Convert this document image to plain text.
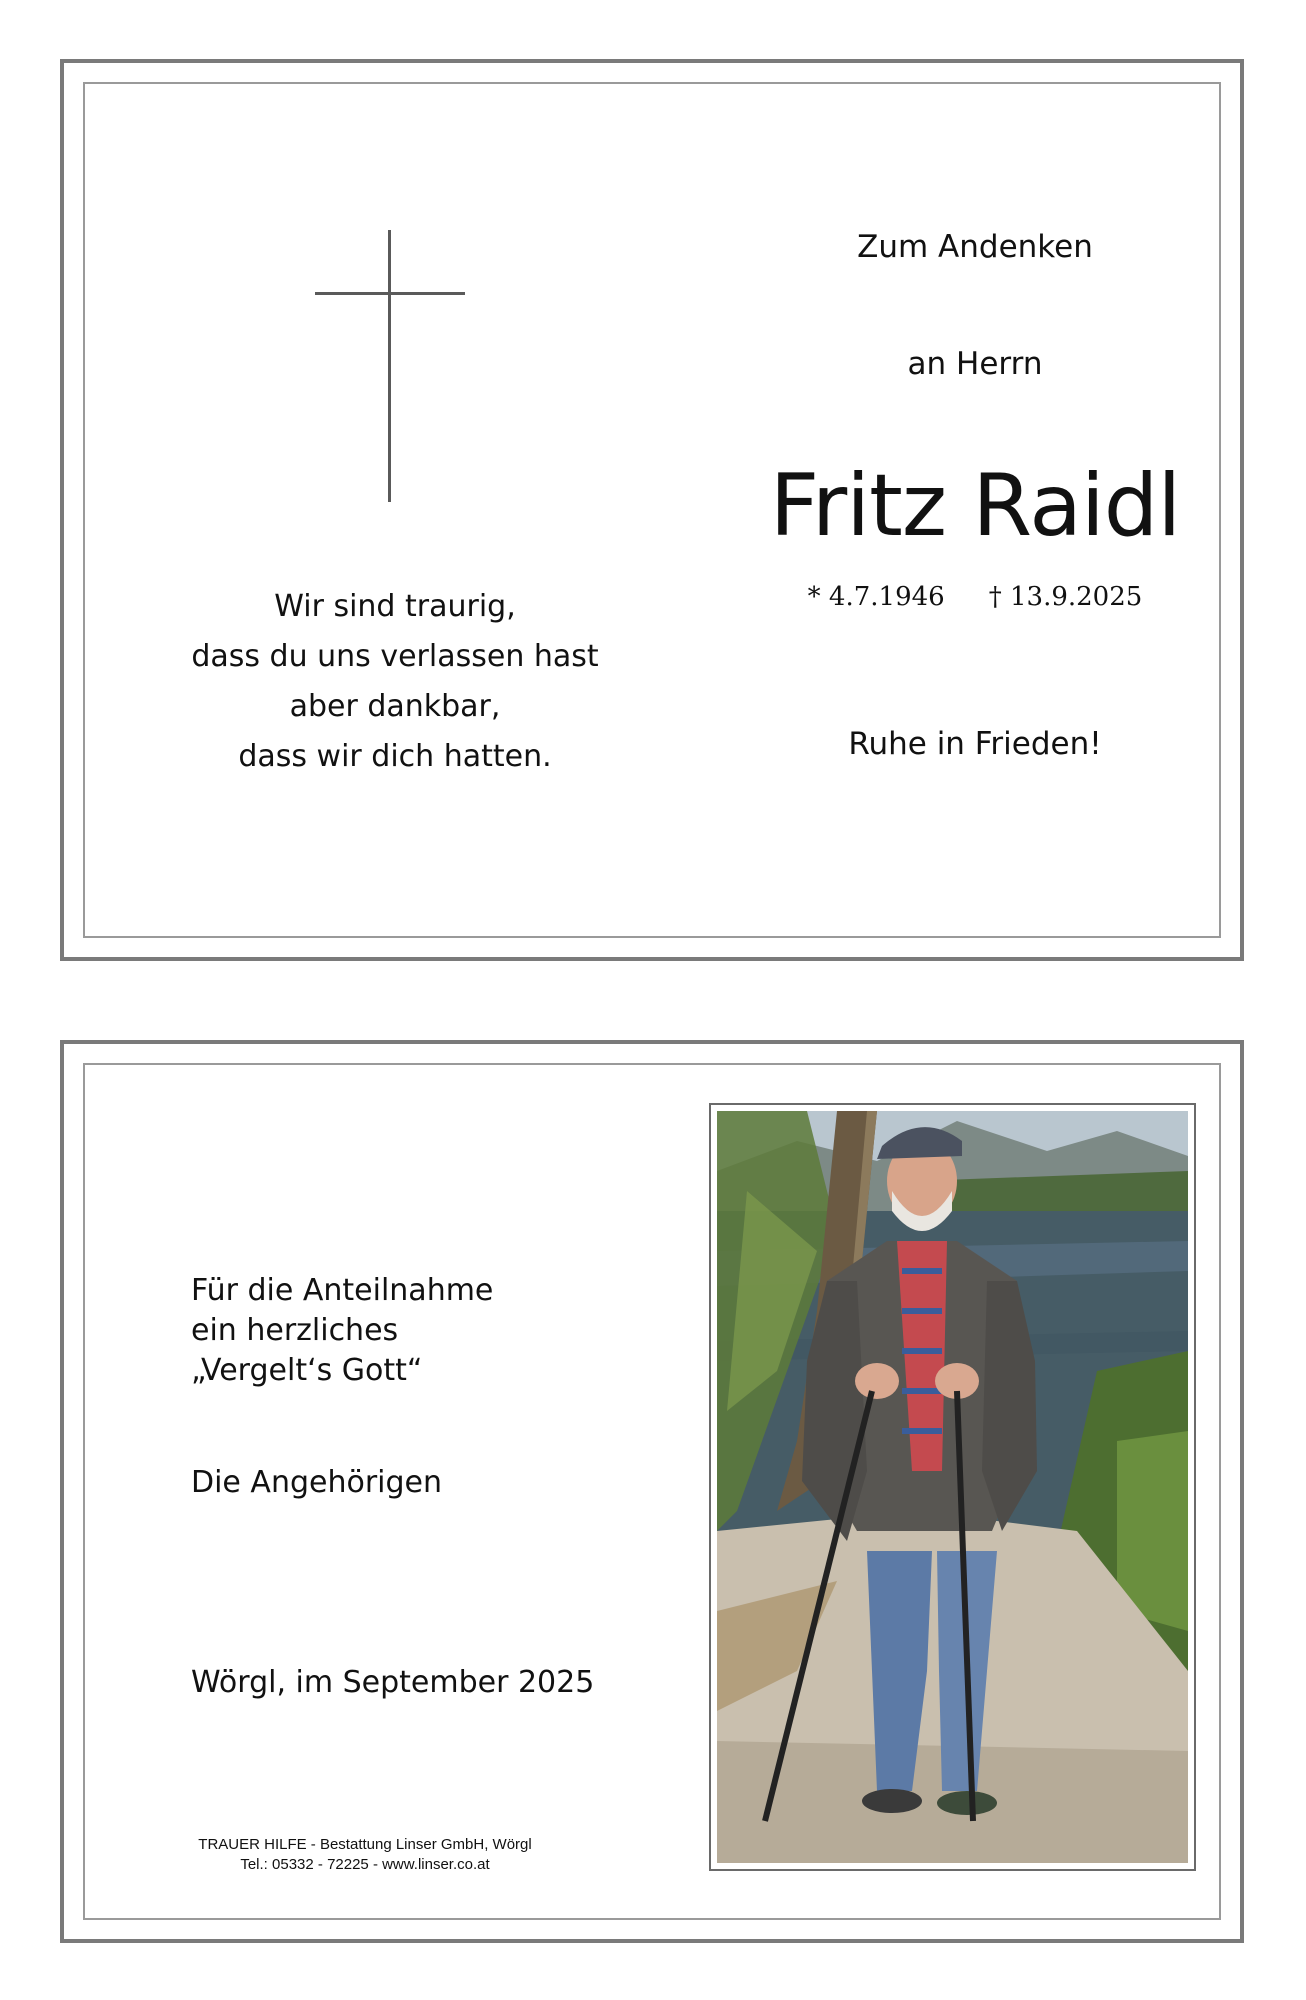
Wir sind traurig,
dass du uns verlassen hast
aber dankbar,
dass wir dich hatten.
Zum Andenken
an Herrn
Fritz Raidl
* 4.7.1946 † 13.9.2025
Ruhe in Frieden!
Für die Anteilnahme
ein herzliches
„Vergelt‘s Gott“
Die Angehörigen
Wörgl, im September 2025
TRAUER HILFE - Bestattung Linser GmbH, Wörgl
Tel.: 05332 - 72225 - www.linser.co.at
